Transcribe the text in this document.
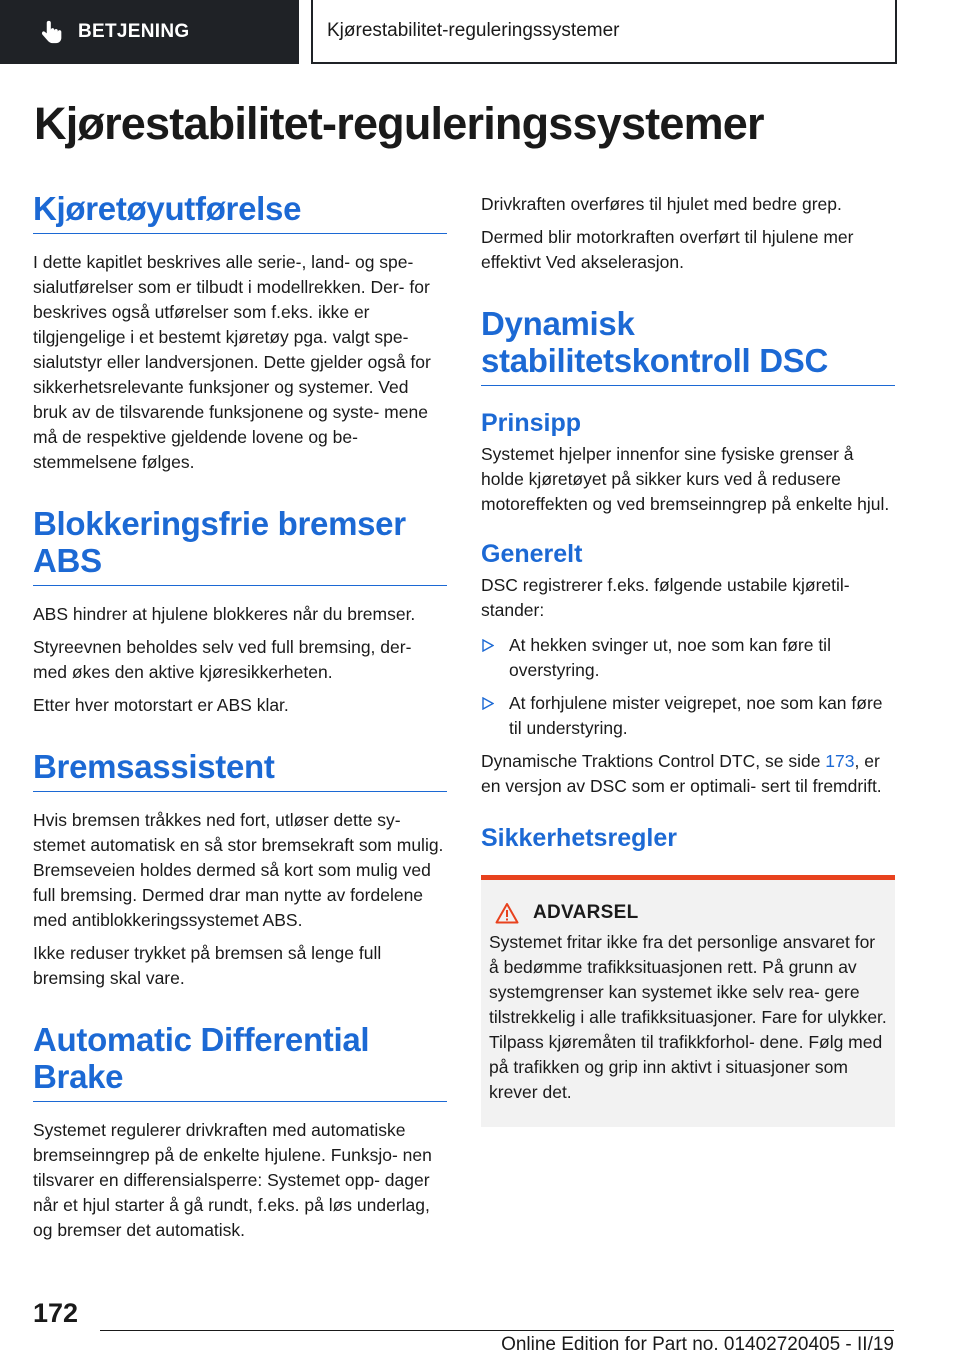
BETJENING	Kjørestabilitet-reguleringssystemer
Kjørestabilitet-reguleringssystemer
Kjøretøyutførelse

I dette kapitlet beskrives alle serie-, land- og spe- sialutførelser som er tilbudt i modellrekken. Der- for beskrives også utførelser som f.eks. ikke er tilgjengelige i et bestemt kjøretøy pga. valgt spe- sialutstyr eller landversjonen. Dette gjelder også for sikkerhetsrelevante funksjoner og systemer. Ved bruk av de tilsvarende funksjonene og syste- mene må de respektive gjeldende lovene og be- stemmelsene følges.

Blokkeringsfrie bremser ABS

ABS hindrer at hjulene blokkeres når du bremser.

Styreevnen beholdes selv ved full bremsing, der- med økes den aktive kjøresikkerheten.

Etter hver motorstart er ABS klar.

Bremsassistent

Hvis bremsen tråkkes ned fort, utløser dette sy- stemet automatisk en så stor bremsekraft som mulig. Bremseveien holdes dermed så kort som mulig ved full bremsing. Dermed drar man nytte av fordelene med antiblokkeringssystemet ABS.

Ikke reduser trykket på bremsen så lenge full bremsing skal vare.

Automatic Differential Brake

Systemet regulerer drivkraften med automatiske bremseinngrep på de enkelte hjulene. Funksjo- nen tilsvarer en differensialsperre: Systemet opp- dager når et hjul starter å gå rundt, f.eks. på løs underlag, og bremser det automatisk.

Drivkraften overføres til hjulet med bedre grep.

Dermed blir motorkraften overført til hjulene mer effektivt Ved akselerasjon.

Dynamisk stabilitetskontroll DSC
Prinsipp

Systemet hjelper innenfor sine fysiske grenser å holde kjøretøyet på sikker kurs ved å redusere motoreffekten og ved bremseinngrep på enkelte hjul.

Generelt

DSC registrerer f.eks. følgende ustabile kjøretil- stander:

At hekken svinger ut, noe som kan føre til overstyring.
At forhjulene mister veigrepet, noe som kan føre til understyring.

Dynamische Traktions Control DTC, se side 173, er en versjon av DSC som er optimali- sert til fremdrift.

Sikkerhetsregler
ADVARSEL

Systemet fritar ikke fra det personlige ansvaret for å bedømme trafikksituasjonen rett. På grunn av systemgrenser kan systemet ikke selv rea- gere tilstrekkelig i alle trafikksituasjoner. Fare for ulykker. Tilpass kjøremåten til trafikkforhol- dene. Følg med på trafikken og grip inn aktivt i situasjoner som krever det.

172
Online Edition for Part no. 01402720405 - II/19
